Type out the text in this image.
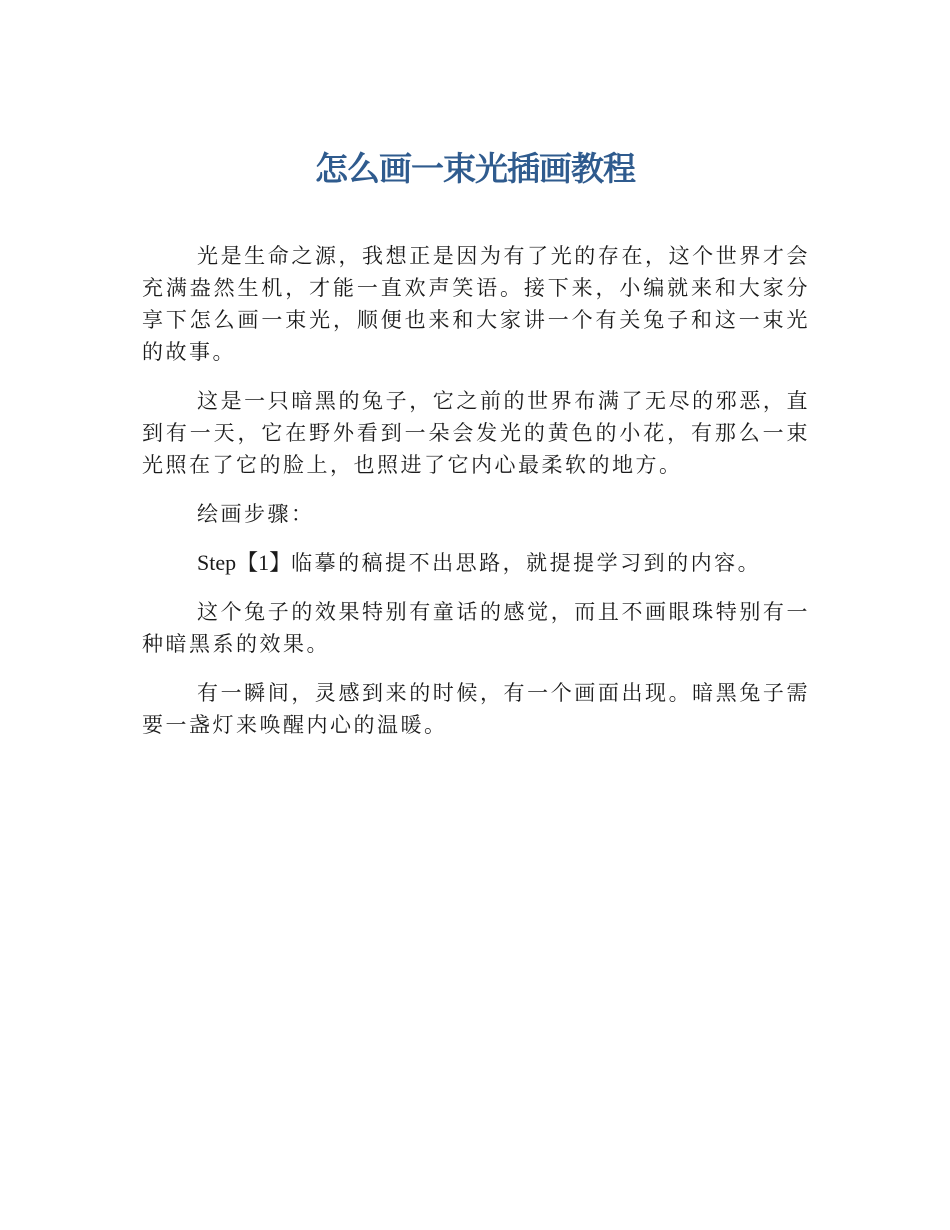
怎么画一束光插画教程

光是生命之源，我想正是因为有了光的存在，这个世界才会充满盎然生机，才能一直欢声笑语。接下来，小编就来和大家分享下怎么画一束光，顺便也来和大家讲一个有关兔子和这一束光的故事。

这是一只暗黑的兔子，它之前的世界布满了无尽的邪恶，直到有一天，它在野外看到一朵会发光的黄色的小花，有那么一束光照在了它的脸上，也照进了它内心最柔软的地方。

绘画步骤：

Step【1】临摹的稿提不出思路，就提提学习到的内容。

这个兔子的效果特别有童话的感觉，而且不画眼珠特别有一种暗黑系的效果。

有一瞬间，灵感到来的时候，有一个画面出现。暗黑兔子需要一盏灯来唤醒内心的温暖。
